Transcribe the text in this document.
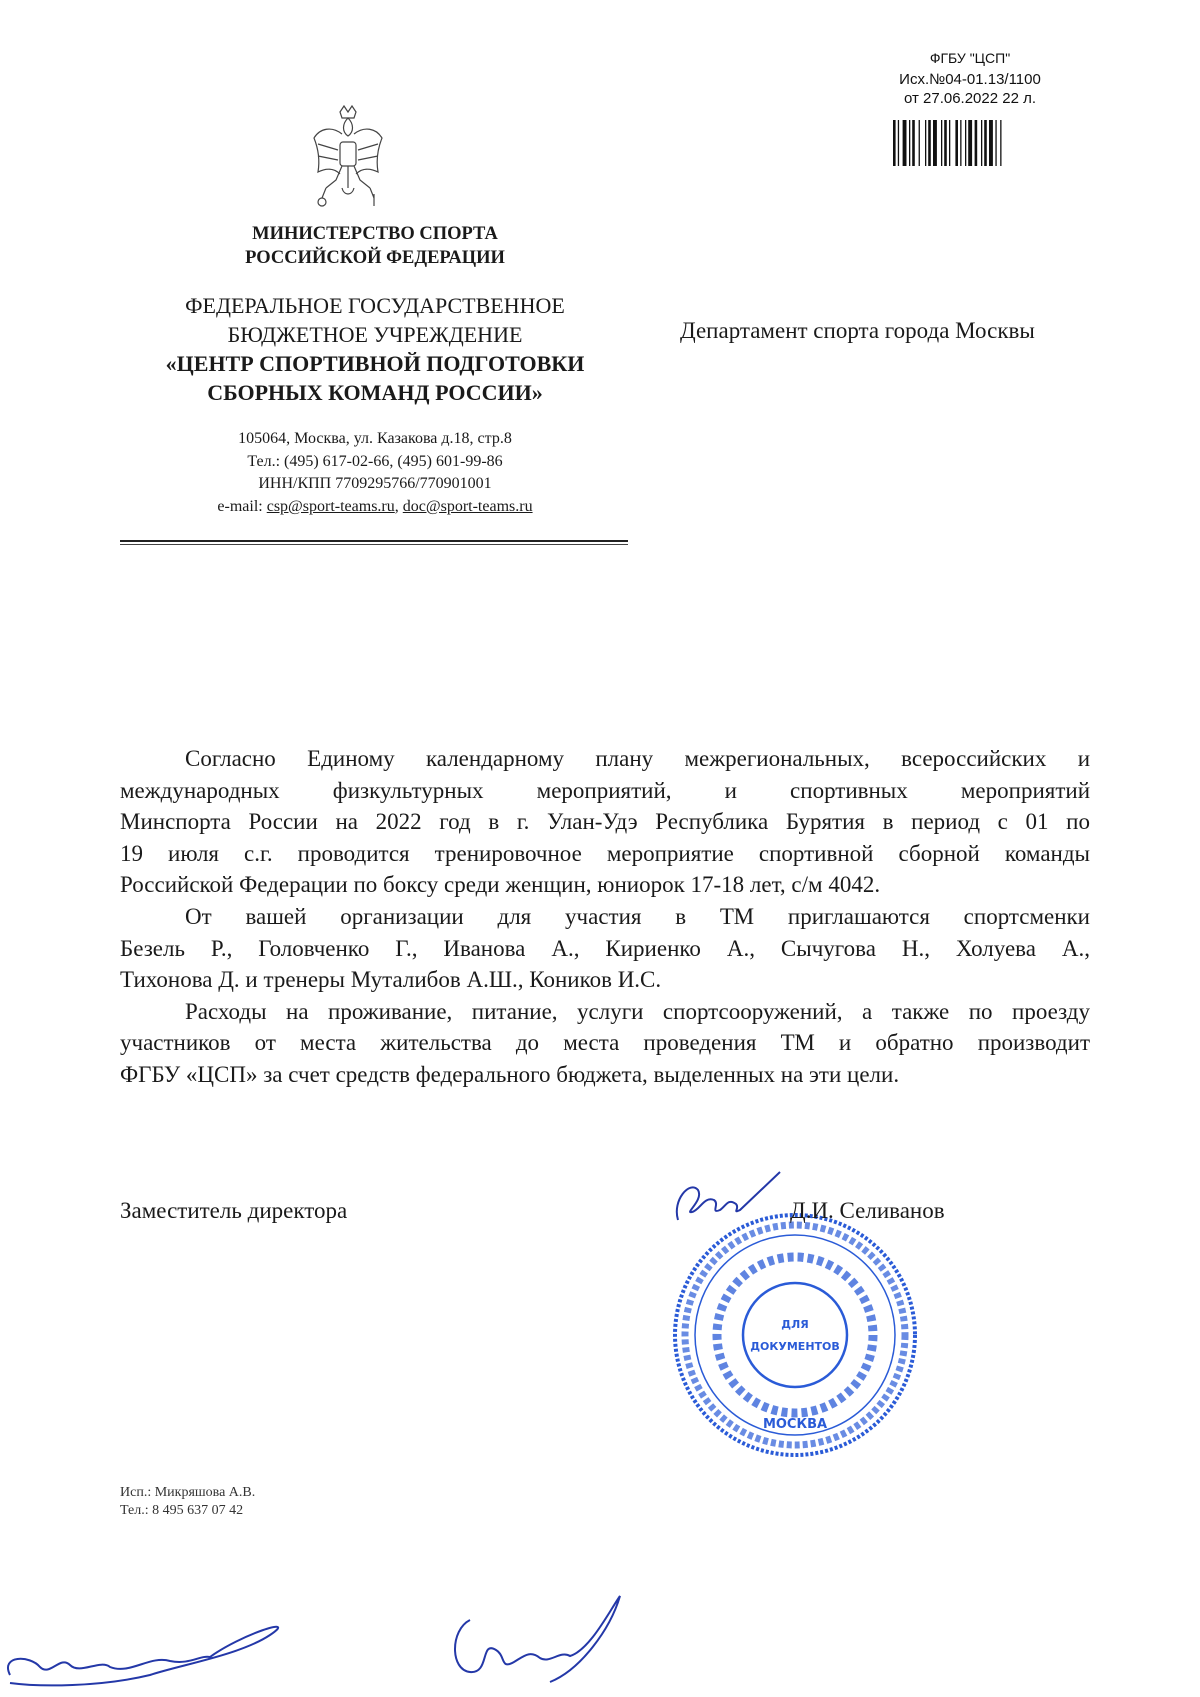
ФГБУ "ЦСП"
Исх.№04-01.13/1100
от 27.06.2022 22 л.
МИНИСТЕРСТВО СПОРТА
РОССИЙСКОЙ ФЕДЕРАЦИИ
ФЕДЕРАЛЬНОЕ ГОСУДАРСТВЕННОЕ
БЮДЖЕТНОЕ УЧРЕЖДЕНИЕ
«ЦЕНТР СПОРТИВНОЙ ПОДГОТОВКИ
СБОРНЫХ КОМАНД РОССИИ»
105064, Москва, ул. Казакова д.18, стр.8
Тел.: (495) 617-02-66, (495) 601-99-86
ИНН/КПП 7709295766/770901001
e-mail: csp@sport-teams.ru, doc@sport-teams.ru
Департамент спорта города Москвы
Согласно Единому календарному плану межрегиональных, всероссийских и
международных физкультурных мероприятий, и спортивных мероприятий
Минспорта России на 2022 год в г. Улан-Удэ Республика Бурятия в период с 01 по
19 июля с.г. проводится тренировочное мероприятие спортивной сборной команды
Российской Федерации по боксу среди женщин, юниорок 17-18 лет, с/м 4042.
От вашей организации для участия в ТМ приглашаются спортсменки
Безель Р., Головченко Г., Иванова А., Кириенко А., Сычугова Н., Холуева А.,
Тихонова Д. и тренеры Муталибов А.Ш., Коников И.С.
Расходы на проживание, питание, услуги спортсооружений, а также по проезду
участников от места жительства до места проведения ТМ и обратно производит
ФГБУ «ЦСП» за счет средств федерального бюджета, выделенных на эти цели.
Заместитель директора
ДЛЯ
ДОКУМЕНТОВ
МОСКВА
Д.И. Селиванов
Исп.: Микряшова А.В.
Тел.: 8 495 637 07 42
